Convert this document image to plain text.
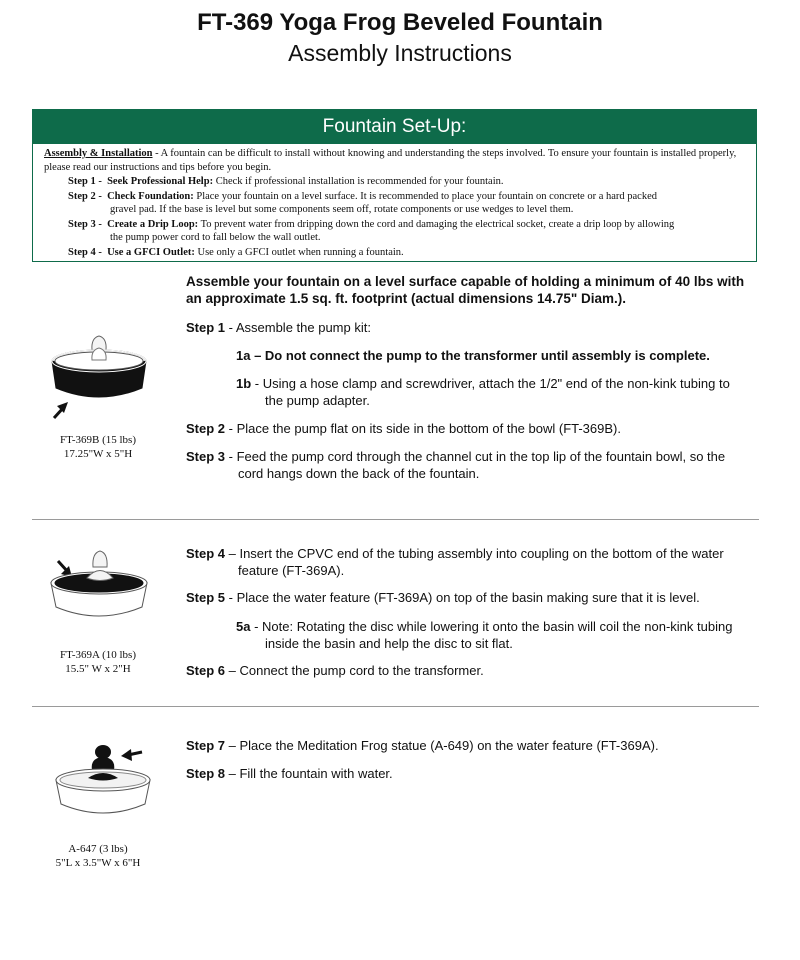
FT-369 Yoga Frog Beveled Fountain
Assembly Instructions
Fountain Set-Up:
Assembly & Installation - A fountain can be difficult to install without knowing and understanding the steps involved. To ensure your fountain is installed properly, please read our instructions and tips before you begin.
Step 1 - Seek Professional Help: Check if professional installation is recommended for your fountain.
Step 2 - Check Foundation: Place your fountain on a level surface. It is recommended to place your fountain on concrete or a hard packed
gravel pad. If the base is level but some components seem off, rotate components or use wedges to level them.
Step 3 - Create a Drip Loop: To prevent water from dripping down the cord and damaging the electrical socket, create a drip loop by allowing
the pump power cord to fall below the wall outlet.
Step 4 - Use a GFCI Outlet: Use only a GFCI outlet when running a fountain.
Assemble your fountain on a level surface capable of holding a minimum of 40 lbs with an approximate 1.5 sq. ft. footprint (actual dimensions 14.75" Diam.).
FT-369B (15 lbs)
17.25"W x 5"H
Step 1 - Assemble the pump kit:
1a – Do not connect the pump to the transformer until assembly is complete.
1b - Using a hose clamp and screwdriver, attach the 1/2" end of the non-kink tubing to
the pump adapter.
Step 2 - Place the pump flat on its side in the bottom of the bowl (FT-369B).
Step 3 - Feed the pump cord through the channel cut in the top lip of the fountain bowl, so the
cord hangs down the back of the fountain.
FT-369A (10 lbs)
15.5" W x 2"H
Step 4 – Insert the CPVC end of the tubing assembly into coupling on the bottom of the water
feature (FT-369A).
Step 5 - Place the water feature (FT-369A) on top of the basin making sure that it is level.
5a - Note: Rotating the disc while lowering it onto the basin will coil the non-kink tubing
inside the basin and help the disc to sit flat.
Step 6 – Connect the pump cord to the transformer.
A-647 (3 lbs)
5"L x 3.5"W x 6"H
Step 7 – Place the Meditation Frog statue (A-649) on the water feature (FT-369A).
Step 8 – Fill the fountain with water.
